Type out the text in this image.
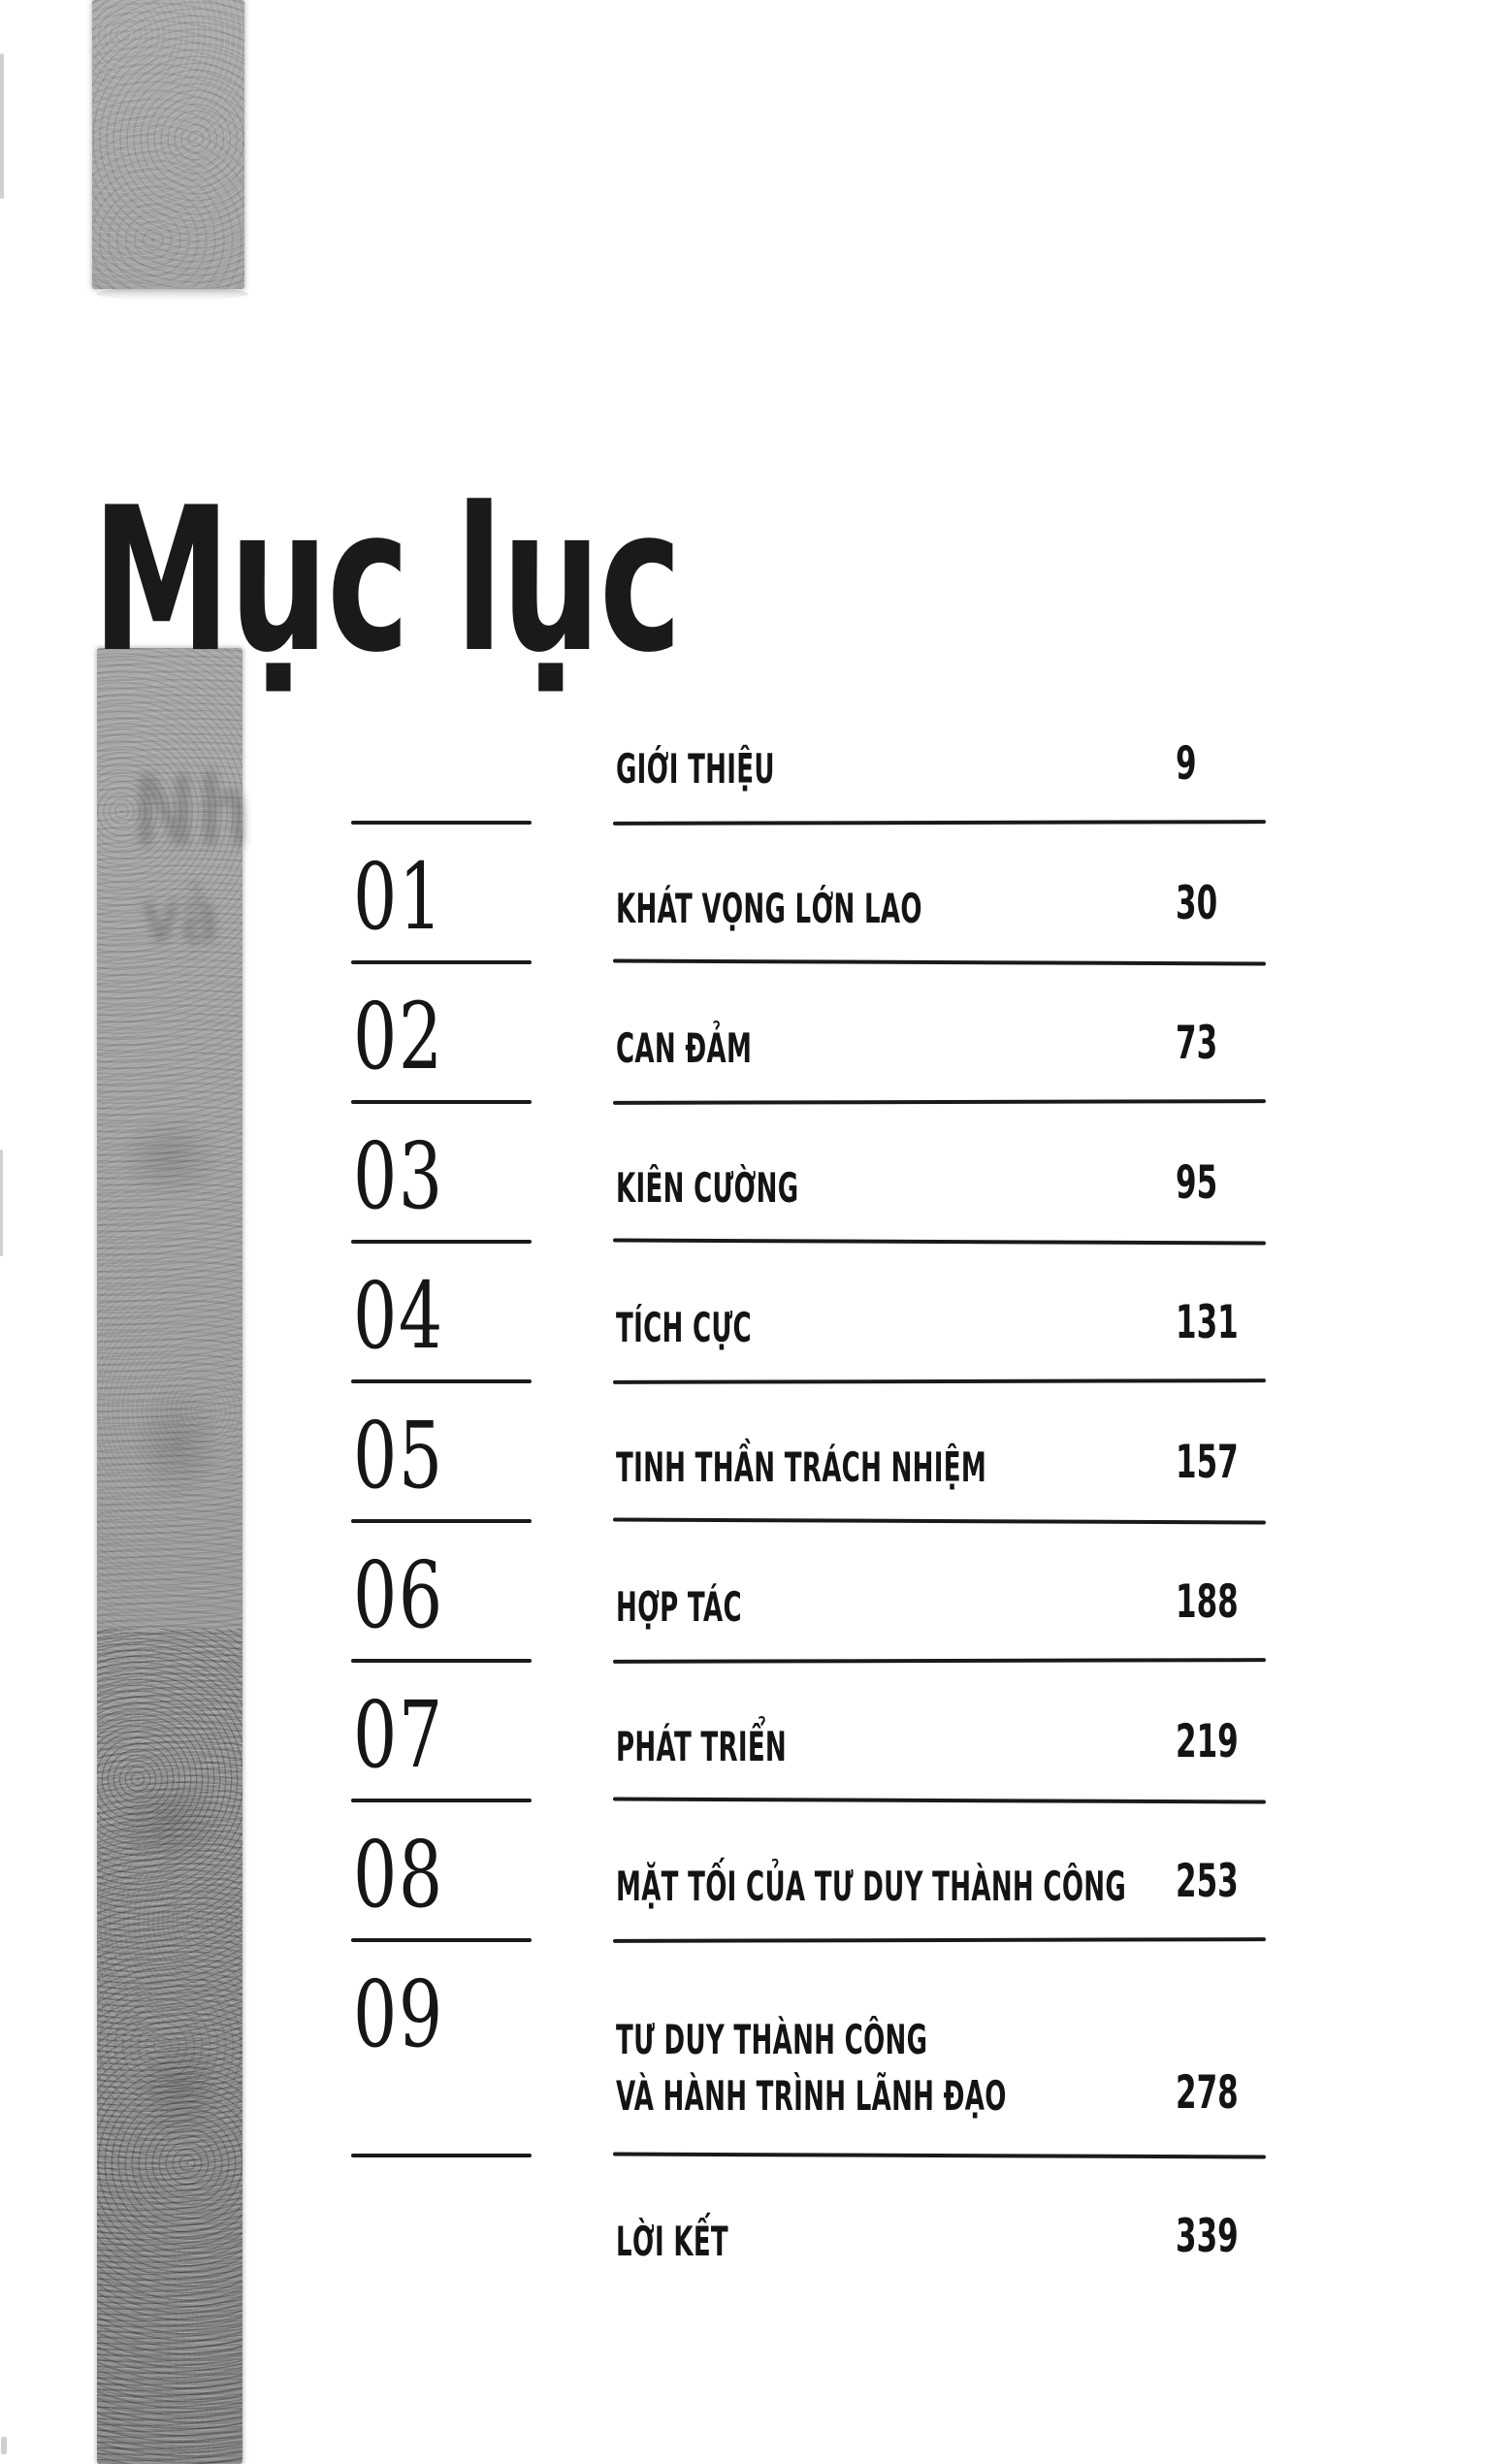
Nh
và
Mục lục
GIỚI THIỆU	9
01	KHÁT VỌNG LỚN LAO	30
02	CAN ĐẢM	73
03	KIÊN CƯỜNG	95
04	TÍCH CỰC	131
05	TINH THẦN TRÁCH NHIỆM	157
06	HỢP TÁC	188
07	PHÁT TRIỂN	219
08	MẶT TỐI CỦA TƯ DUY THÀNH CÔNG	253
09	TƯ DUY THÀNH CÔNG
VÀ HÀNH TRÌNH LÃNH ĐẠO	278
LỜI KẾT	339
